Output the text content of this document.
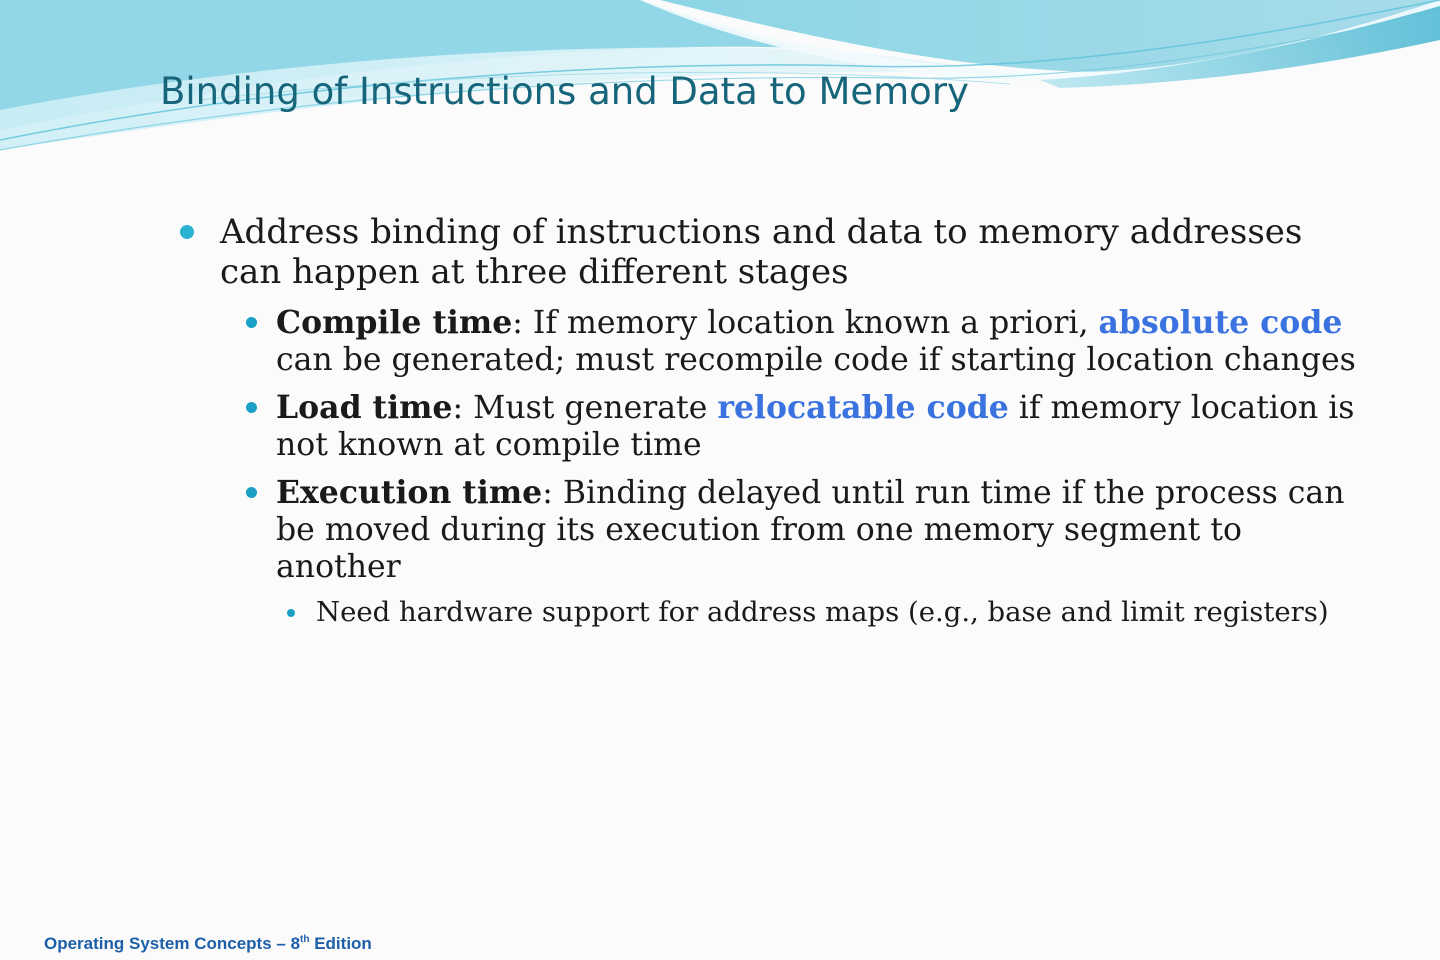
Binding of Instructions and Data to Memory
Address binding of instructions and data to memory addresses can happen at three different stages
Compile time: If memory location known a priori, absolute code can be generated; must recompile code if starting location changes
Load time: Must generate relocatable code if memory location is not known at compile time
Execution time: Binding delayed until run time if the process can be moved during its execution from one memory segment to another
Need hardware support for address maps (e.g., base and limit registers)
Operating System Concepts – 8th Edition
